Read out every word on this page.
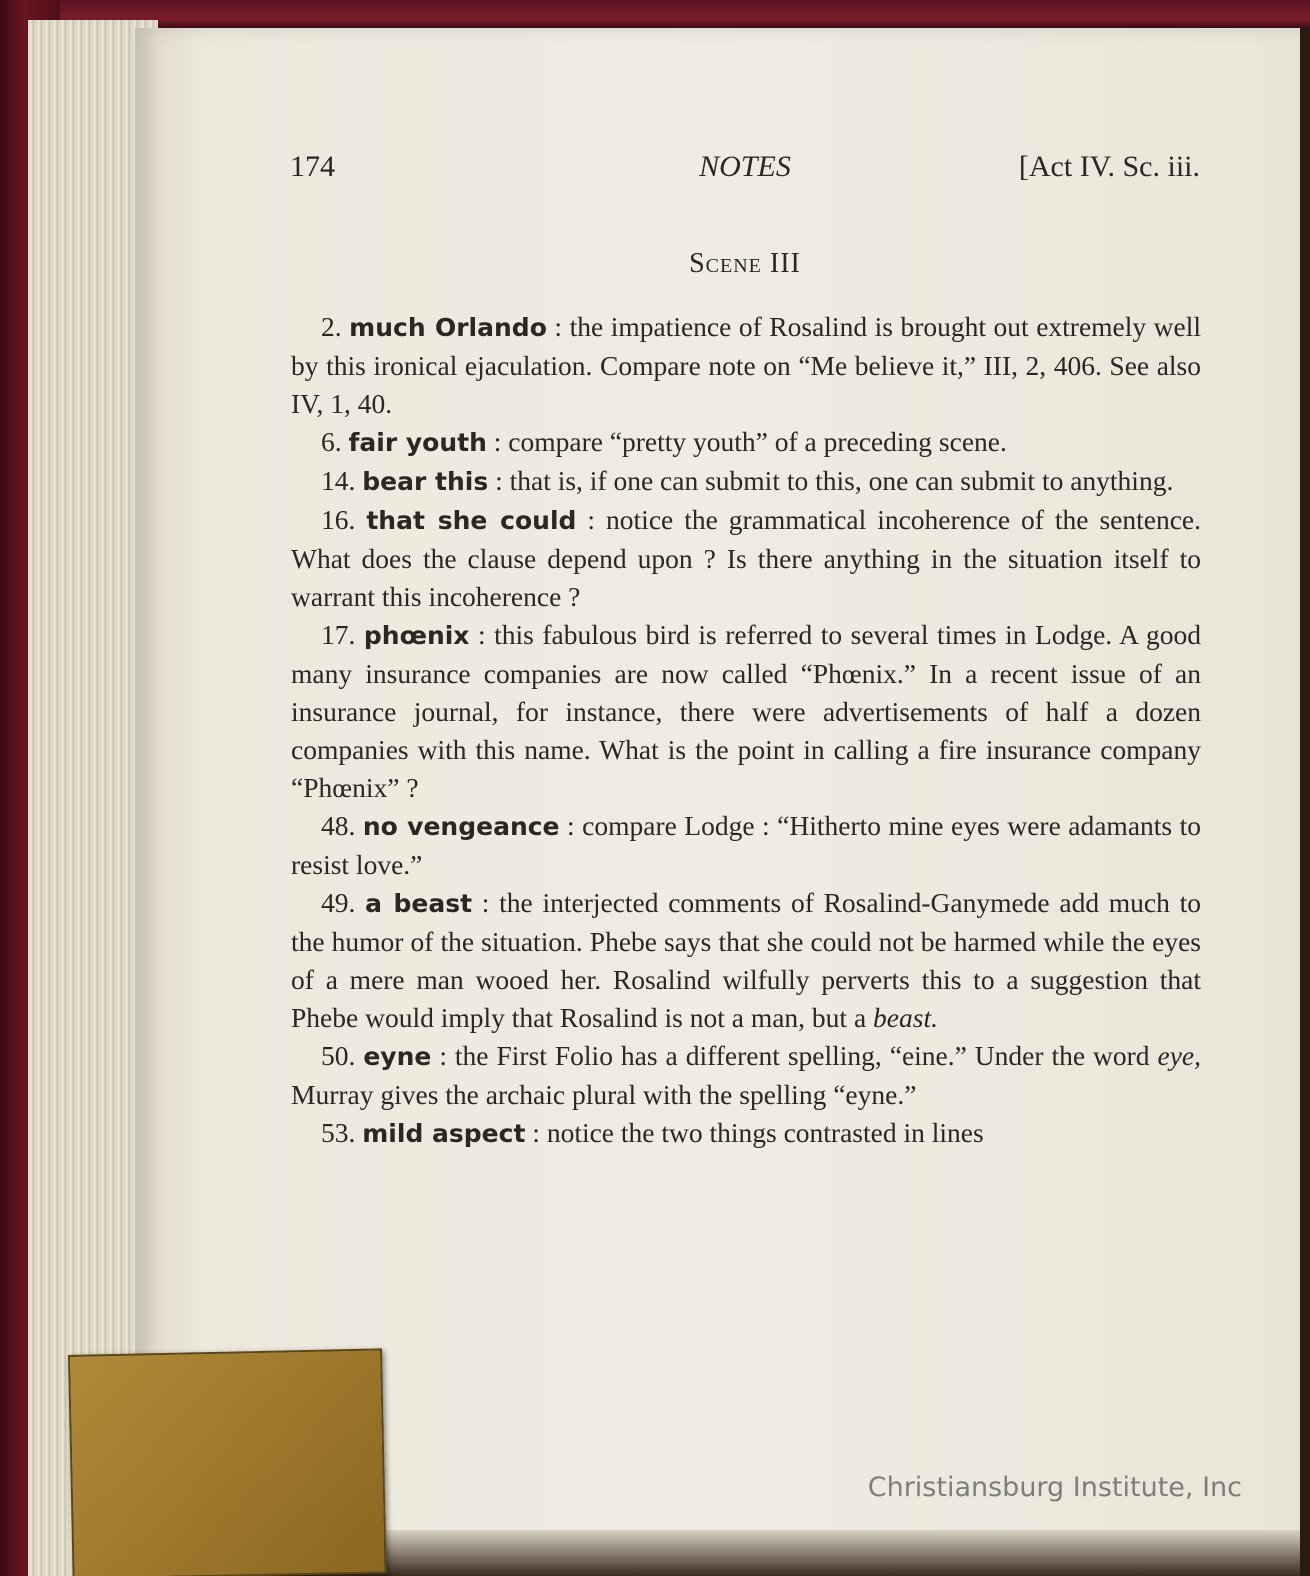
174	NOTES	[Act IV. Sc. iii.
Scene III

2. much Orlando : the impatience of Rosalind is brought out extremely well by this ironical ejaculation. Compare note on “Me believe it,” III, 2, 406. See also IV, 1, 40.

6. fair youth : compare “pretty youth” of a preceding scene.

14. bear this : that is, if one can submit to this, one can submit to anything.

16. that she could : notice the grammatical incoherence of the sentence. What does the clause depend upon ? Is there anything in the situation itself to warrant this incoherence ?

17. phœnix : this fabulous bird is referred to several times in Lodge. A good many insurance companies are now called “Phœnix.” In a recent issue of an insurance journal, for instance, there were advertisements of half a dozen companies with this name. What is the point in calling a fire insurance company “Phœnix” ?

48. no vengeance : compare Lodge : “Hitherto mine eyes were adamants to resist love.”

49. a beast : the interjected comments of Rosalind-Ganymede add much to the humor of the situation. Phebe says that she could not be harmed while the eyes of a mere man wooed her. Rosalind wilfully perverts this to a suggestion that Phebe would imply that Rosalind is not a man, but a beast.

50. eyne : the First Folio has a different spelling, “eine.” Under the word eye, Murray gives the archaic plural with the spelling “eyne.”

53. mild aspect : notice the two things contrasted in lines

Christiansburg Institute, Inc
